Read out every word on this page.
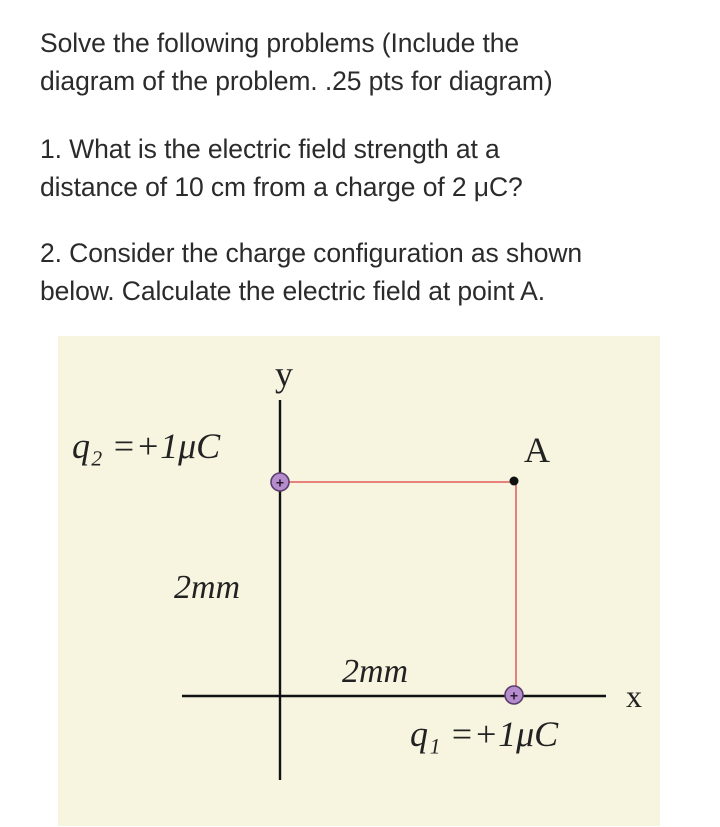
Solve the following problems (Include the
diagram of the problem. .25 pts for diagram)
1. What is the electric field strength at a
distance of 10 cm from a charge of 2 μC?
2. Consider the charge configuration as shown
below. Calculate the electric field at point A.
y
x
A
q₂ =+1μC
+
+
q₁ =+1μC
2mm
2mm
